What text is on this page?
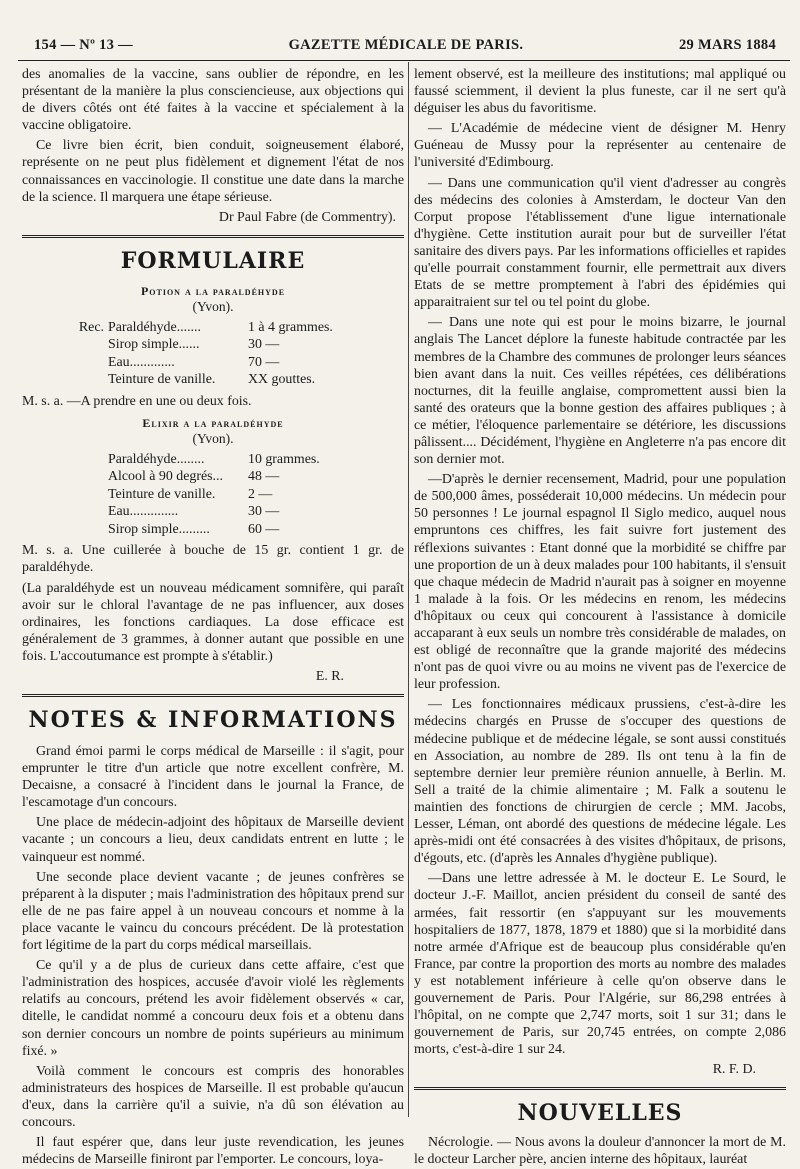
154 — Nº 13 —	GAZETTE MÉDICALE DE PARIS.	29 MARS 1884

des anomalies de la vaccine, sans oublier de répondre, en les présentant de la manière la plus consciencieuse, aux objections qui de divers côtés ont été faites à la vaccine et spécialement à la vaccine obligatoire.

Ce livre bien écrit, bien conduit, soigneusement élaboré, représente on ne peut plus fidèlement et dignement l'état de nos connaissances en vaccinologie. Il constitue une date dans la marche de la science. Il marquera une étape sérieuse.

Dr Paul Fabre (de Commentry).
FORMULAIRE
Potion a la paraldéhyde
(Yvon).
Rec. Paraldéhyde.......	1 à 4 grammes.
Sirop simple......	30 —
Eau.............	70 —
Teinture de vanille.	XX gouttes.

M. s. a. —A prendre en une ou deux fois.

Elixir a la paraldéhyde
(Yvon).
Paraldéhyde........	10 grammes.
Alcool à 90 degrés...	48 —
Teinture de vanille.	2 —
Eau..............	30 —
Sirop simple.........	60 —

M. s. a. Une cuillerée à bouche de 15 gr. contient 1 gr. de paraldéhyde.

(La paraldéhyde est un nouveau médicament somnifère, qui paraît avoir sur le chloral l'avantage de ne pas influencer, aux doses ordinaires, les fonctions cardiaques. La dose efficace est généralement de 3 grammes, à donner autant que possible en une fois. L'accoutumance est prompte à s'établir.)
E. R.
NOTES & INFORMATIONS

Grand émoi parmi le corps médical de Marseille : il s'agit, pour emprunter le titre d'un article que notre excellent confrère, M. Decaisne, a consacré à l'incident dans le journal la France, de l'escamotage d'un concours.

Une place de médecin-adjoint des hôpitaux de Marseille devient vacante ; un concours a lieu, deux candidats entrent en lutte ; le vainqueur est nommé.

Une seconde place devient vacante ; de jeunes confrères se préparent à la disputer ; mais l'administration des hôpitaux prend sur elle de ne pas faire appel à un nouveau concours et nomme à la place vacante le vaincu du concours précédent. De là protestation fort légitime de la part du corps médical marseillais.

Ce qu'il y a de plus de curieux dans cette affaire, c'est que l'administration des hospices, accusée d'avoir violé les règlements relatifs au concours, prétend les avoir fidèlement observés « car, ditelle, le candidat nommé a concouru deux fois et a obtenu dans son dernier concours un nombre de points supérieurs au minimum fixé. »

Voilà comment le concours est compris des honorables administrateurs des hospices de Marseille. Il est probable qu'aucun d'eux, dans la carrière qu'il a suivie, n'a dû son élévation au concours.

Il faut espérer que, dans leur juste revendication, les jeunes médecins de Marseille finiront par l'emporter. Le concours, loya-

lement observé, est la meilleure des institutions; mal appliqué ou faussé sciemment, il devient la plus funeste, car il ne sert qu'à déguiser les abus du favoritisme.

— L'Académie de médecine vient de désigner M. Henry Guéneau de Mussy pour la représenter au centenaire de l'université d'Edimbourg.

— Dans une communication qu'il vient d'adresser au congrès des médecins des colonies à Amsterdam, le docteur Van den Corput propose l'établissement d'une ligue internationale d'hygiène. Cette institution aurait pour but de surveiller l'état sanitaire des divers pays. Par les informations officielles et rapides qu'elle pourrait constamment fournir, elle permettrait aux divers Etats de se mettre promptement à l'abri des épidémies qui apparaitraient sur tel ou tel point du globe.

— Dans une note qui est pour le moins bizarre, le journal anglais The Lancet déplore la funeste habitude contractée par les membres de la Chambre des communes de prolonger leurs séances bien avant dans la nuit. Ces veilles répétées, ces délibérations nocturnes, dit la feuille anglaise, compromettent aussi bien la santé des orateurs que la bonne gestion des affaires publiques ; à ce métier, l'éloquence parlementaire se détériore, les discussions pâlissent.... Décidément, l'hygiène en Angleterre n'a pas encore dit son dernier mot.

—D'après le dernier recensement, Madrid, pour une population de 500,000 âmes, posséderait 10,000 médecins. Un médecin pour 50 personnes ! Le journal espagnol Il Siglo medico, auquel nous empruntons ces chiffres, les fait suivre fort justement des réflexions suivantes : Etant donné que la morbidité se chiffre par une proportion de un à deux malades pour 100 habitants, il s'ensuit que chaque médecin de Madrid n'aurait pas à soigner en moyenne 1 malade à la fois. Or les médecins en renom, les médecins d'hôpitaux ou ceux qui concourent à l'assistance à domicile accaparant à eux seuls un nombre très considérable de malades, on est obligé de reconnaître que la grande majorité des médecins n'ont pas de quoi vivre ou au moins ne vivent pas de l'exercice de leur profession.

— Les fonctionnaires médicaux prussiens, c'est-à-dire les médecins chargés en Prusse de s'occuper des questions de médecine publique et de médecine légale, se sont aussi constitués en Association, au nombre de 289. Ils ont tenu à la fin de septembre dernier leur première réunion annuelle, à Berlin. M. Sell a traité de la chimie alimentaire ; M. Falk a soutenu le maintien des fonctions de chirurgien de cercle ; MM. Jacobs, Lesser, Léman, ont abordé des questions de médecine légale. Les après-midi ont été consacrées à des visites d'hôpitaux, de prisons, d'égouts, etc. (d'après les Annales d'hygiène publique).

—Dans une lettre adressée à M. le docteur E. Le Sourd, le docteur J.-F. Maillot, ancien président du conseil de santé des armées, fait ressortir (en s'appuyant sur les mouvements hospitaliers de 1877, 1878, 1879 et 1880) que si la morbidité dans notre armée d'Afrique est de beaucoup plus considérable qu'en France, par contre la proportion des morts au nombre des malades y est notablement inférieure à celle qu'on observe dans le gouvernement de Paris. Pour l'Algérie, sur 86,298 entrées à l'hôpital, on ne compte que 2,747 morts, soit 1 sur 31; dans le gouvernement de Paris, sur 20,745 entrées, on compte 2,086 morts, c'est-à-dire 1 sur 24.

R. F. D.
NOUVELLES

Nécrologie. — Nous avons la douleur d'annoncer la mort de M. le docteur Larcher père, ancien interne des hôpitaux, lauréat
